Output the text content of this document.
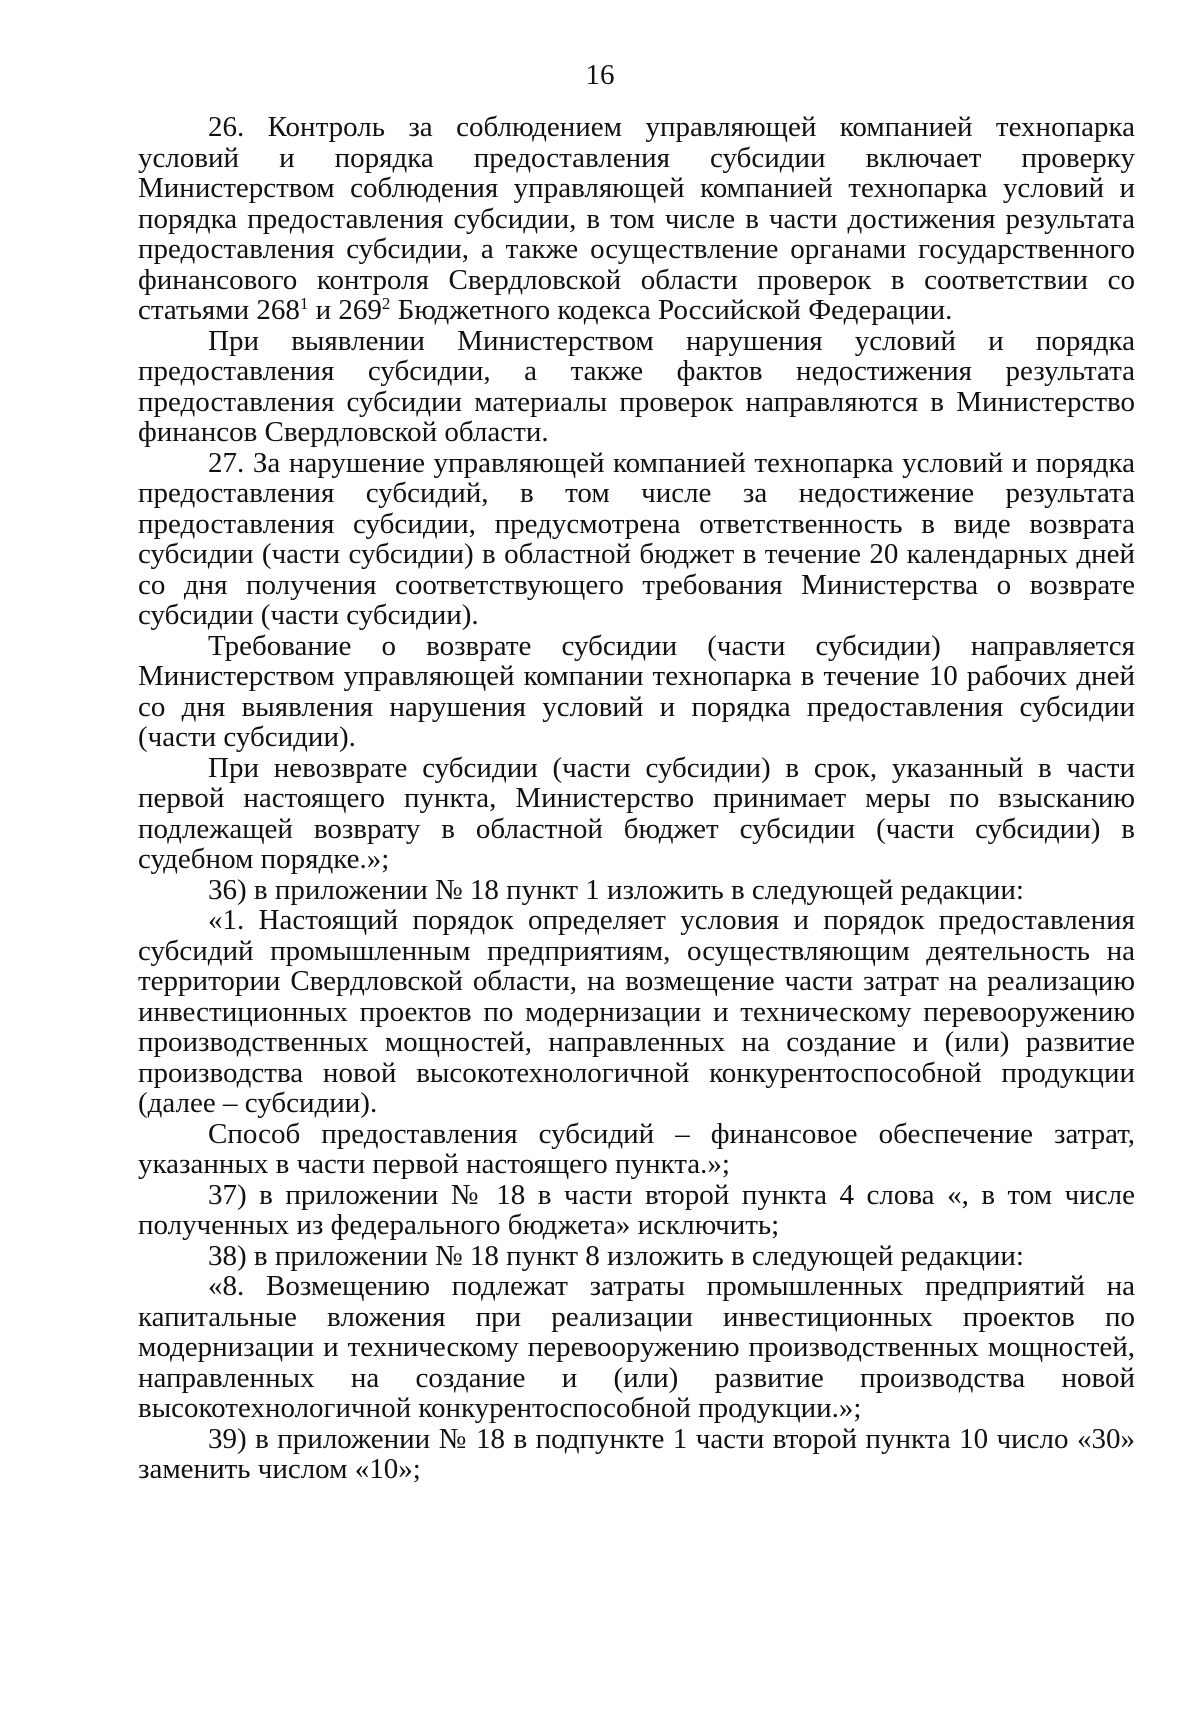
16

26. Контроль за соблюдением управляющей компанией технопарка условий и порядка предоставления субсидии включает проверку Министерством соблюдения управляющей компанией технопарка условий и порядка предоставления субсидии, в том числе в части достижения результата предоставления субсидии, а также осуществление органами государственного финансового контроля Свердловской области проверок в соответствии со статьями $268^1$ и $269^2$ Бюджетного кодекса Российской Федерации.

При выявлении Министерством нарушения условий и порядка предоставления субсидии, а также фактов недостижения результата предоставления субсидии материалы проверок направляются в Министерство финансов Свердловской области.

27. За нарушение управляющей компанией технопарка условий и порядка предоставления субсидий, в том числе за недостижение результата предоставления субсидии, предусмотрена ответственность в виде возврата субсидии (части субсидии) в областной бюджет в течение 20 календарных дней со дня получения соответствующего требования Министерства о возврате субсидии (части субсидии).

Требование о возврате субсидии (части субсидии) направляется Министерством управляющей компании технопарка в течение 10 рабочих дней со дня выявления нарушения условий и порядка предоставления субсидии (части субсидии).

При невозврате субсидии (части субсидии) в срок, указанный в части первой настоящего пункта, Министерство принимает меры по взысканию подлежащей возврату в областной бюджет субсидии (части субсидии) в судебном порядке.»;

36) в приложении № 18 пункт 1 изложить в следующей редакции:

«1. Настоящий порядок определяет условия и порядок предоставления субсидий промышленным предприятиям, осуществляющим деятельность на территории Свердловской области, на возмещение части затрат на реализацию инвестиционных проектов по модернизации и техническому перевооружению производственных мощностей, направленных на создание и (или) развитие производства новой высокотехнологичной конкурентоспособной продукции (далее – субсидии).

Способ предоставления субсидий – финансовое обеспечение затрат, указанных в части первой настоящего пункта.»;

37) в приложении № 18 в части второй пункта 4 слова «, в том числе полученных из федерального бюджета» исключить;

38) в приложении № 18 пункт 8 изложить в следующей редакции:

«8. Возмещению подлежат затраты промышленных предприятий на капитальные вложения при реализации инвестиционных проектов по модернизации и техническому перевооружению производственных мощностей, направленных на создание и (или) развитие производства новой высокотехнологичной конкурентоспособной продукции.»;

39) в приложении № 18 в подпункте 1 части второй пункта 10 число «30» заменить числом «10»;
